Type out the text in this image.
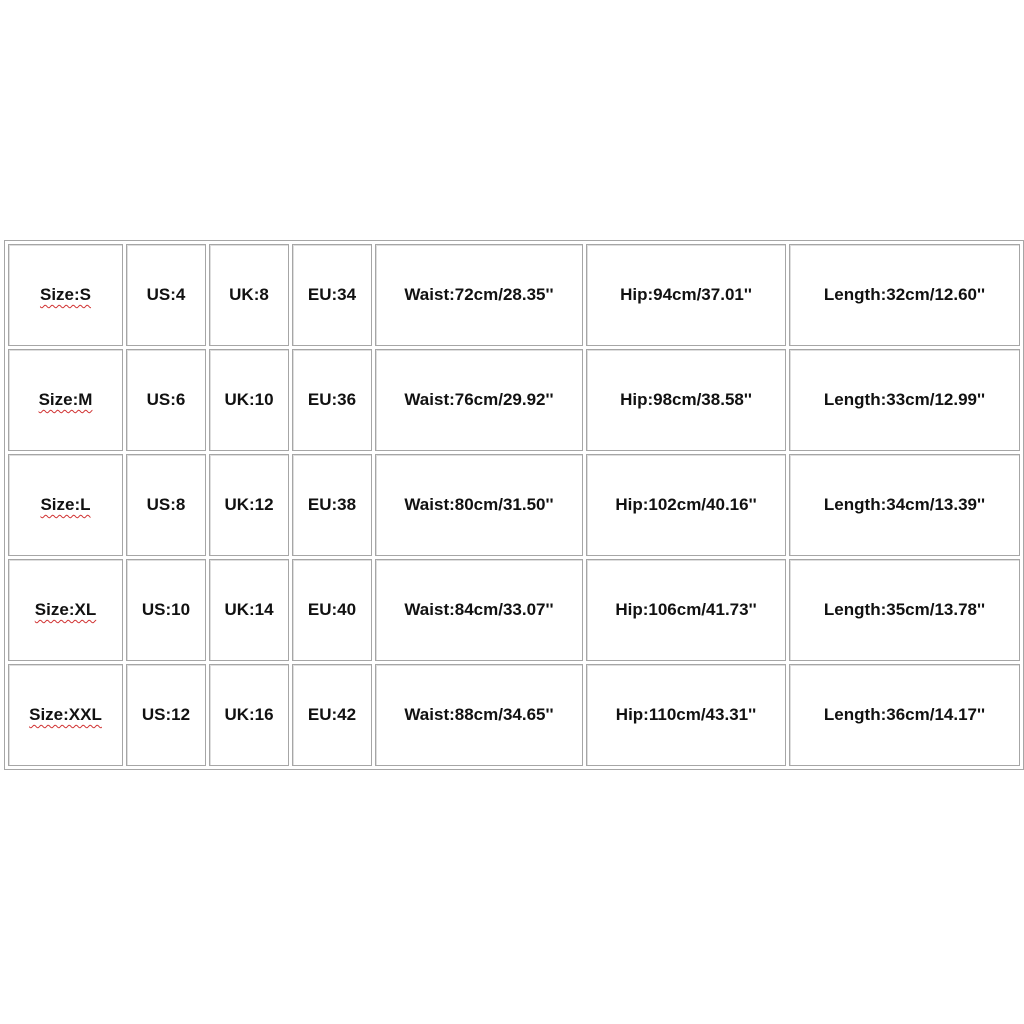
Size:S	US:4	UK:8	EU:34	Waist:72cm/28.35''	Hip:94cm/37.01''	Length:32cm/12.60''
Size:M	US:6	UK:10	EU:36	Waist:76cm/29.92''	Hip:98cm/38.58''	Length:33cm/12.99''
Size:L	US:8	UK:12	EU:38	Waist:80cm/31.50''	Hip:102cm/40.16''	Length:34cm/13.39''
Size:XL	US:10	UK:14	EU:40	Waist:84cm/33.07''	Hip:106cm/41.73''	Length:35cm/13.78''
Size:XXL	US:12	UK:16	EU:42	Waist:88cm/34.65''	Hip:110cm/43.31''	Length:36cm/14.17''
